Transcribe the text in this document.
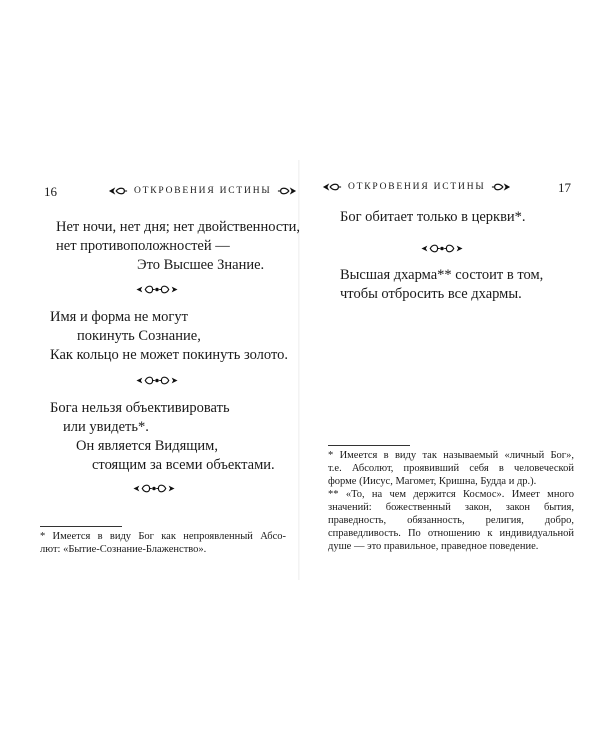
16	ОТКРОВЕНИЯ ИСТИНЫ
Нет ночи, нет дня; нет двойственности,
нет противоположностей —
Это Высшее Знание.
Имя и форма не могут
покинуть Сознание,
Как кольцо не может покинуть золото.
Бога нельзя объективировать
или увидеть*.
Он является Видящим,
стоящим за всеми объектами.
* Имеется в виду Бог как непроявленный Абсо-
лют: «Бытие-Сознание-Блаженство».
ОТКРОВЕНИЯ ИСТИНЫ	17
Бог обитает только в церкви*.
Высшая дхарма** состоит в том,
чтобы отбросить все дхармы.
* Имеется в виду так называемый «личный Бог»,
т.е. Абсолют, проявивший себя в человеческой
форме (Иисус, Магомет, Кришна, Будда и др.).
** «То, на чем держится Космос». Имеет много
значений: божественный закон, закон бытия,
праведность, обязанность, религия, добро,
справедливость. По отношению к индивидуальной
душе — это правильное, праведное поведение.
